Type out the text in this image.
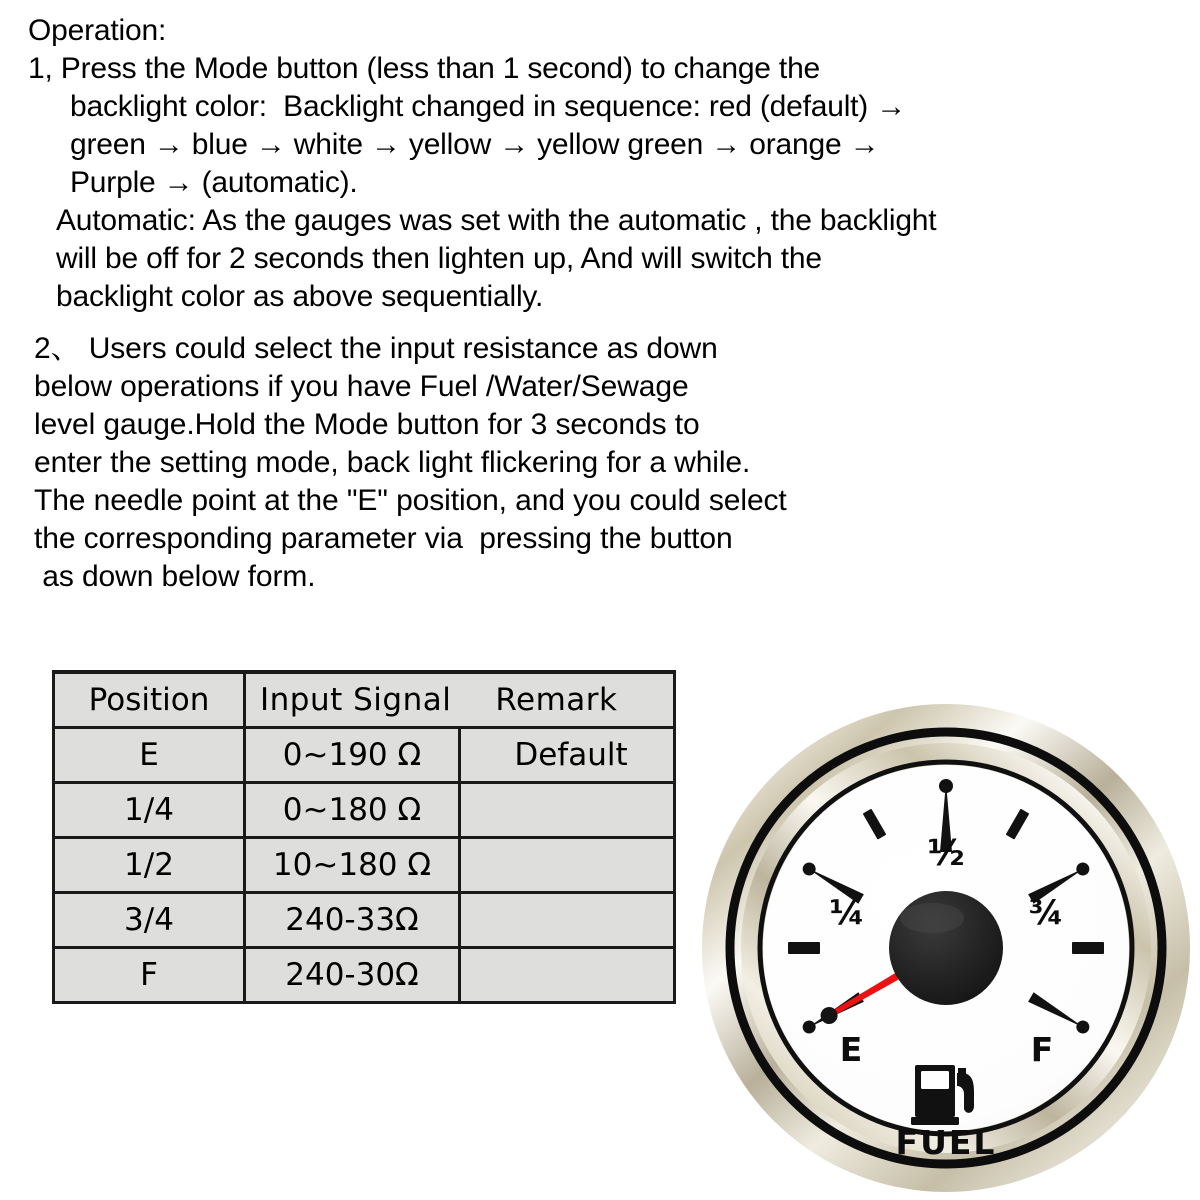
Operation:
1, Press the Mode button (less than 1 second) to change the
backlight color:  Backlight changed in sequence: red (default) →
green → blue → white → yellow → yellow green → orange →
Purple → (automatic).
Automatic: As the gauges was set with the automatic , the backlight
will be off for 2 seconds then lighten up, And will switch the
backlight color as above sequentially.
2、 Users could select the input resistance as down
below operations if you have Fuel /Water/Sewage
level gauge.Hold the Mode button for 3 seconds to
enter the setting mode, back light flickering for a while.
The needle point at the "E" position, and you could select
the corresponding parameter via  pressing the button
as down below form.
Position	Input Signal Remark	
E	0~190 Ω	Default
1/4	0~180 Ω	
1/2	10~180 Ω	
3/4	240-33Ω	
F	240-30Ω	
½
¼	¾
E	F
FUEL
